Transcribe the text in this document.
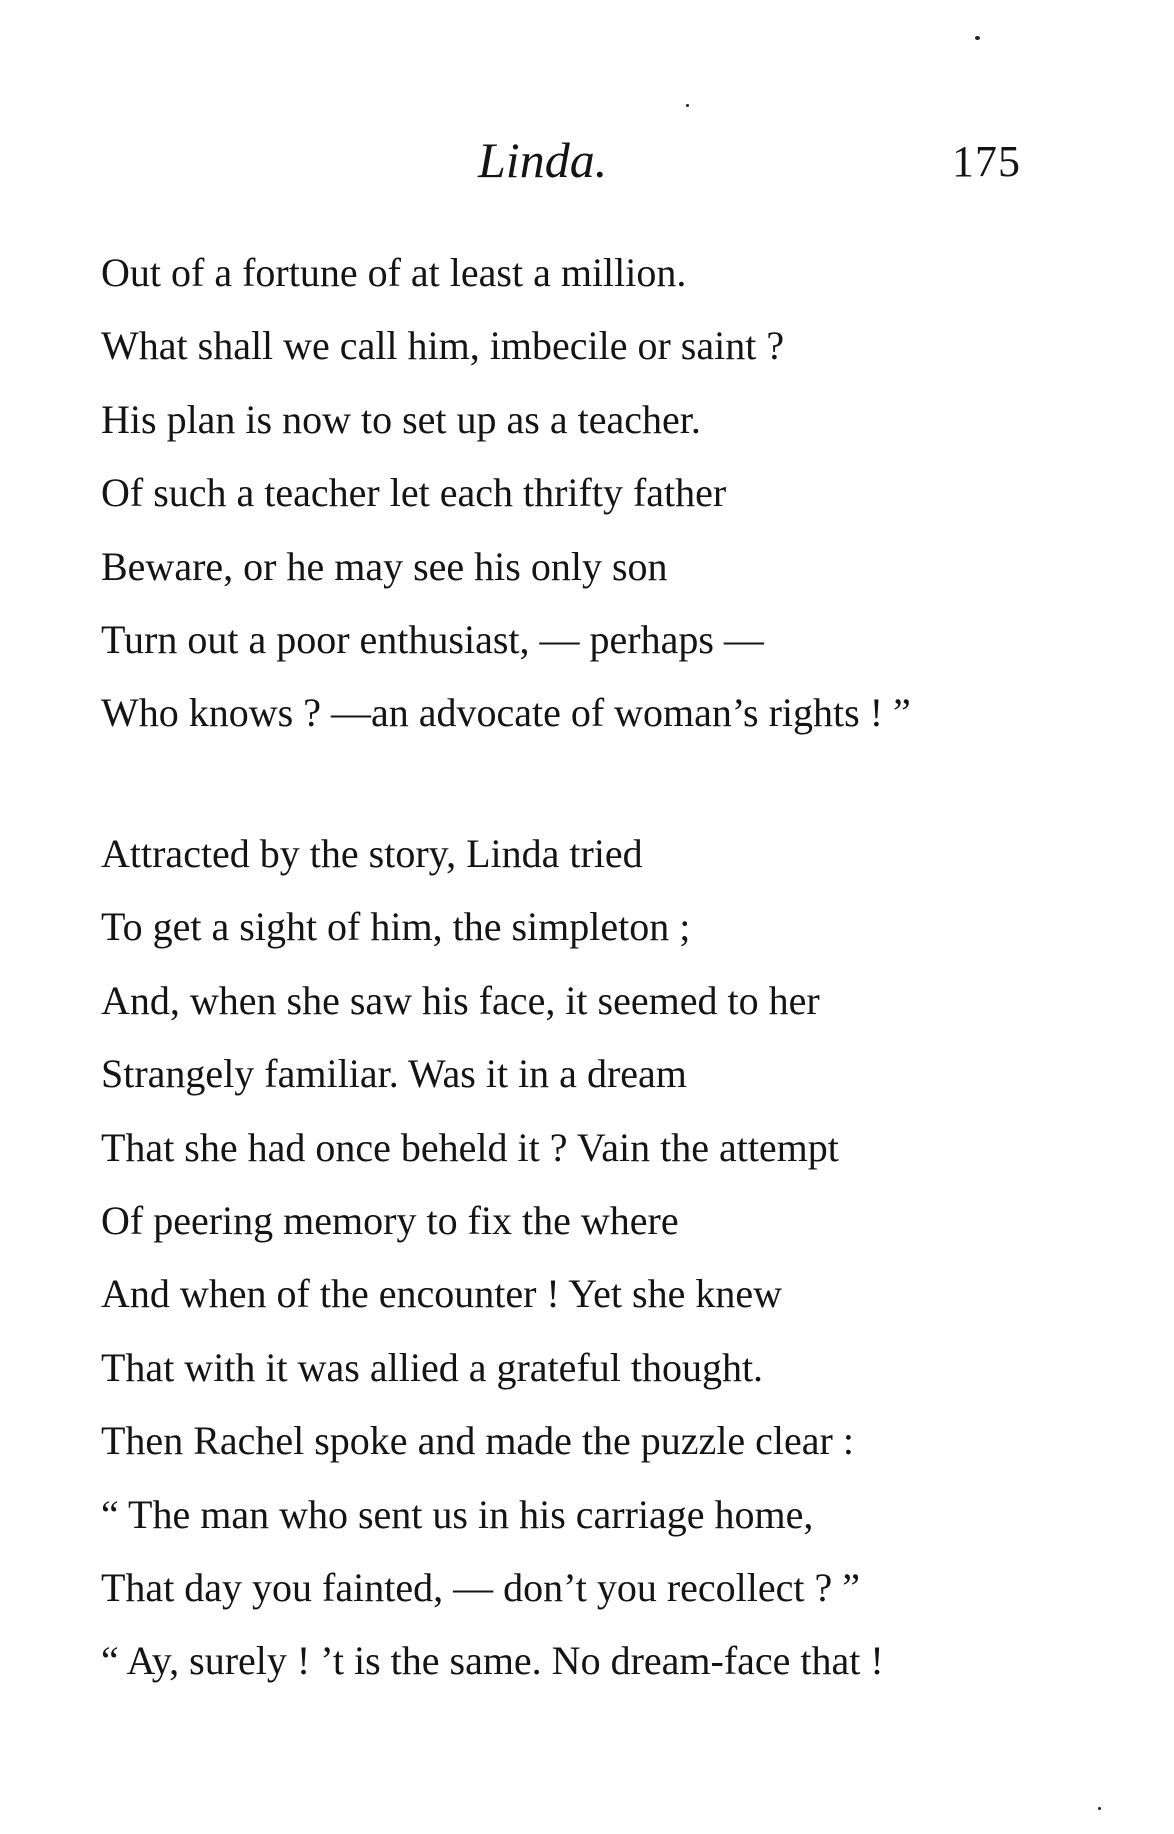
Linda.	175
Out of a fortune of at least a million.
What shall we call him, imbecile or saint ?
His plan is now to set up as a teacher.
Of such a teacher let each thrifty father
Beware, or he may see his only son
Turn out a poor enthusiast, — perhaps —
Who knows ? —an advocate of woman’s rights ! ”
Attracted by the story, Linda tried
To get a sight of him, the simpleton ;
And, when she saw his face, it seemed to her
Strangely familiar. Was it in a dream
That she had once beheld it ? Vain the attempt
Of peering memory to fix the where
And when of the encounter ! Yet she knew
That with it was allied a grateful thought.
Then Rachel spoke and made the puzzle clear :
“ The man who sent us in his carriage home,
That day you fainted, — don’t you recollect ? ”
“ Ay, surely ! ’t is the same. No dream-face that !
